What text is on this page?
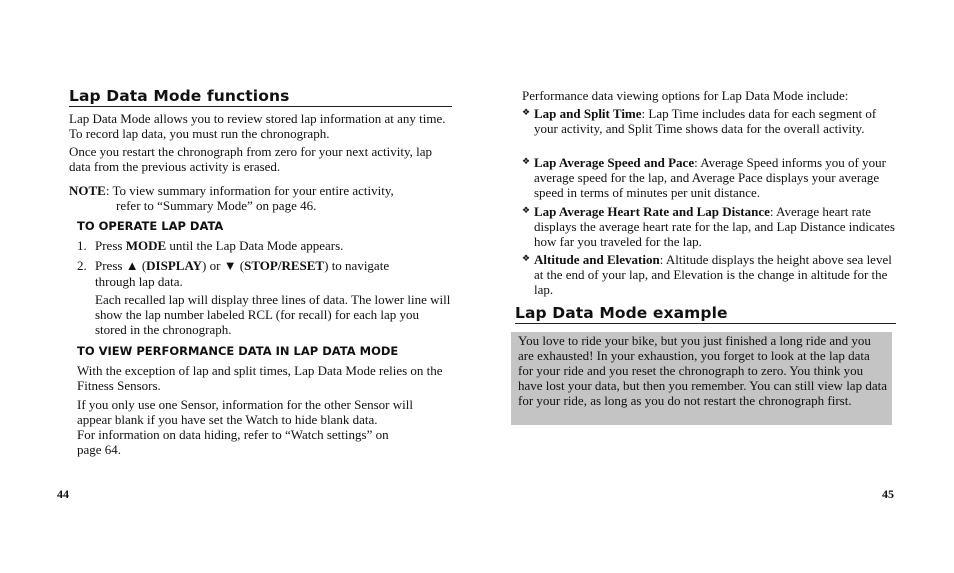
Lap Data Mode functions
Lap Data Mode allows you to review stored lap information at any time. To record lap data, you must run the chronograph.
Once you restart the chronograph from zero for your next activity, lap data from the previous activity is erased.
NOTE: To view summary information for your entire activity,
refer to “Summary Mode” on page 46.
TO OPERATE LAP DATA
1. Press MODE until the Lap Data Mode appears.
2. Press ▲ (DISPLAY) or ▼ (STOP/RESET) to navigate
through lap data.
Each recalled lap will display three lines of data. The lower line will show the lap number labeled RCL (for recall) for each lap you stored in the chronograph.
TO VIEW PERFORMANCE DATA IN LAP DATA MODE
With the exception of lap and split times, Lap Data Mode relies on the Fitness Sensors.
If you only use one Sensor, information for the other Sensor will
appear blank if you have set the Watch to hide blank data.
For information on data hiding, refer to “Watch settings” on
page 64.
44
Performance data viewing options for Lap Data Mode include:
❖ Lap and Split Time: Lap Time includes data for each segment of your activity, and Split Time shows data for the overall activity.
❖ Lap Average Speed and Pace: Average Speed informs you of your average speed for the lap, and Average Pace displays your average speed in terms of minutes per unit distance.
❖ Lap Average Heart Rate and Lap Distance: Average heart rate displays the average heart rate for the lap, and Lap Distance indicates how far you traveled for the lap.
❖ Altitude and Elevation: Altitude displays the height above sea level at the end of your lap, and Elevation is the change in altitude for the lap.
Lap Data Mode example
You love to ride your bike, but you just finished a long ride and you are exhausted! In your exhaustion, you forget to look at the lap data for your ride and you reset the chronograph to zero. You think you have lost your data, but then you remember. You can still view lap data for your ride, as long as you do not restart the chronograph first.
45
